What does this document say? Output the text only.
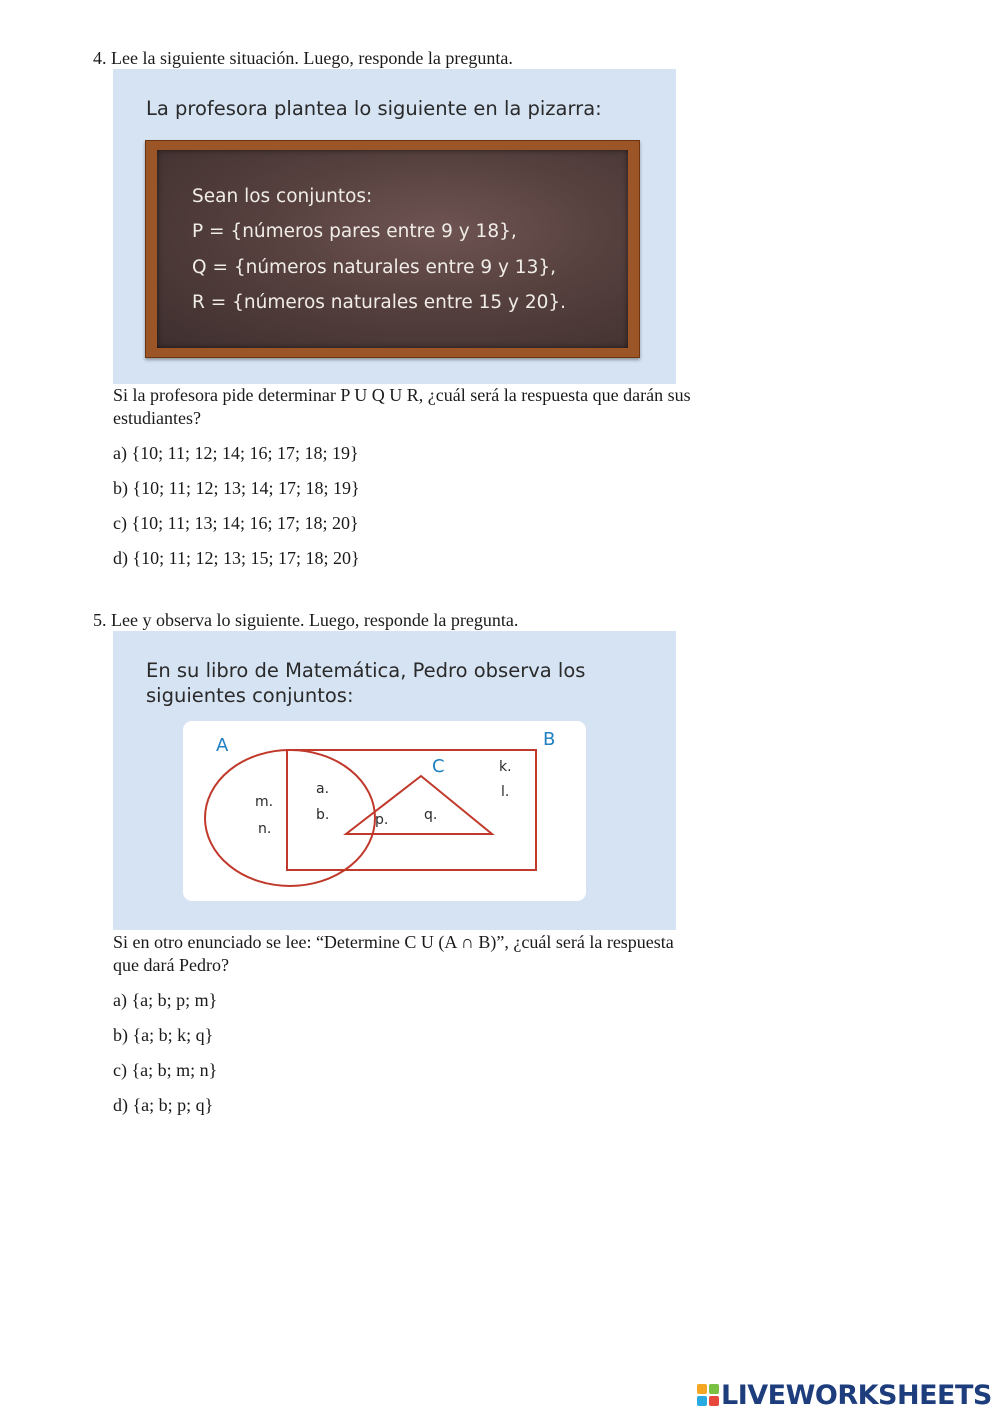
4. Lee la siguiente situación. Luego, responde la pregunta.
La profesora plantea lo siguiente en la pizarra:
Sean los conjuntos:
P = {números pares entre 9 y 18},
Q = {números naturales entre 9 y 13},
R = {números naturales entre 15 y 20}.
Si la profesora pide determinar P U Q U R, ¿cuál será la respuesta que darán sus
estudiantes?
a) {10; 11; 12; 14; 16; 17; 18; 19}
b) {10; 11; 12; 13; 14; 17; 18; 19}
c) {10; 11; 13; 14; 16; 17; 18; 20}
d) {10; 11; 12; 13; 15; 17; 18; 20}
5. Lee y observa lo siguiente. Luego, responde la pregunta.
En su libro de Matemática, Pedro observa los
siguientes conjuntos:
A	B
C
m.
n.
a.
b.	p.	q.
k.
l.
Si en otro enunciado se lee: “Determine C U (A ∩ B)”, ¿cuál será la respuesta
que dará Pedro?
a) {a; b; p; m}
b) {a; b; k; q}
c) {a; b; m; n}
d) {a; b; p; q}
LIVEWORKSHEETS
